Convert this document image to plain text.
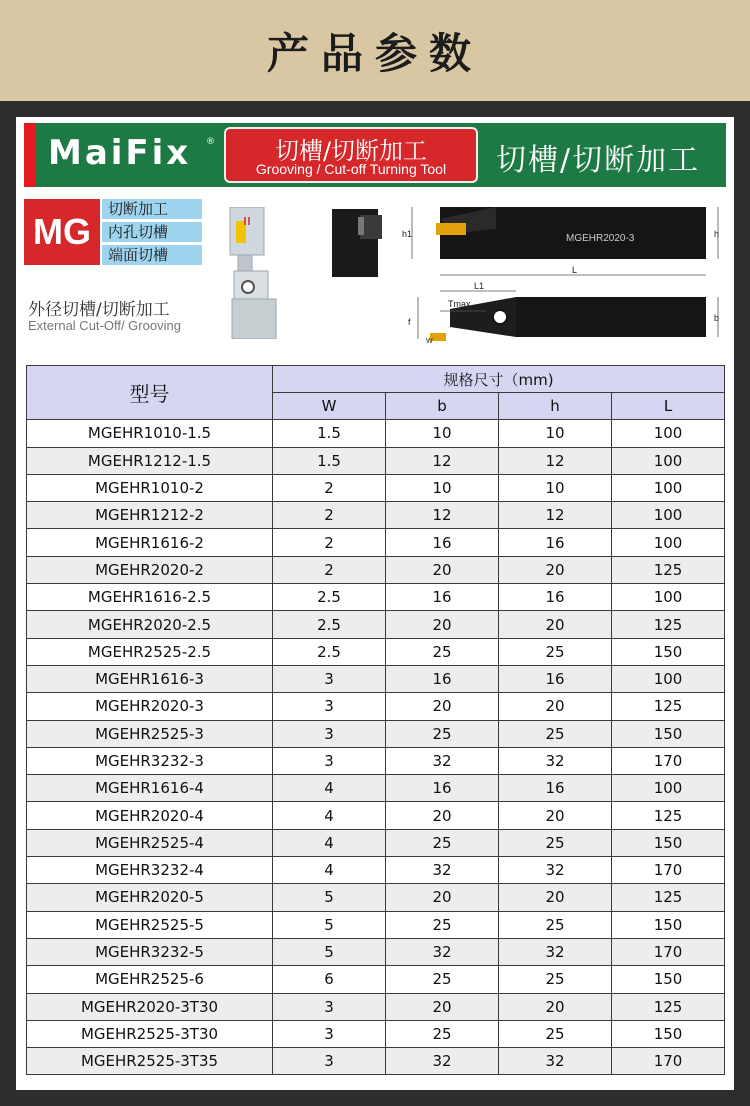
产品参数
MaiFix ®	切槽/切断加工
Grooving / Cut-off Turning Tool	切槽/切断加工
MG
切断加工
内孔切槽
端面切槽
外径切槽/切断加工
External Cut-Off/ Grooving
MGEHR2020-3
h1	h
L
L1
Tmax
f
W
b
型号	规格尺寸（mm)			
	W	b	h	L
MGEHR1010-1.5	1.5	10	10	100
MGEHR1212-1.5	1.5	12	12	100
MGEHR1010-2	2	10	10	100
MGEHR1212-2	2	12	12	100
MGEHR1616-2	2	16	16	100
MGEHR2020-2	2	20	20	125
MGEHR1616-2.5	2.5	16	16	100
MGEHR2020-2.5	2.5	20	20	125
MGEHR2525-2.5	2.5	25	25	150
MGEHR1616-3	3	16	16	100
MGEHR2020-3	3	20	20	125
MGEHR2525-3	3	25	25	150
MGEHR3232-3	3	32	32	170
MGEHR1616-4	4	16	16	100
MGEHR2020-4	4	20	20	125
MGEHR2525-4	4	25	25	150
MGEHR3232-4	4	32	32	170
MGEHR2020-5	5	20	20	125
MGEHR2525-5	5	25	25	150
MGEHR3232-5	5	32	32	170
MGEHR2525-6	6	25	25	150
MGEHR2020-3T30	3	20	20	125
MGEHR2525-3T30	3	25	25	150
MGEHR2525-3T35	3	32	32	170
